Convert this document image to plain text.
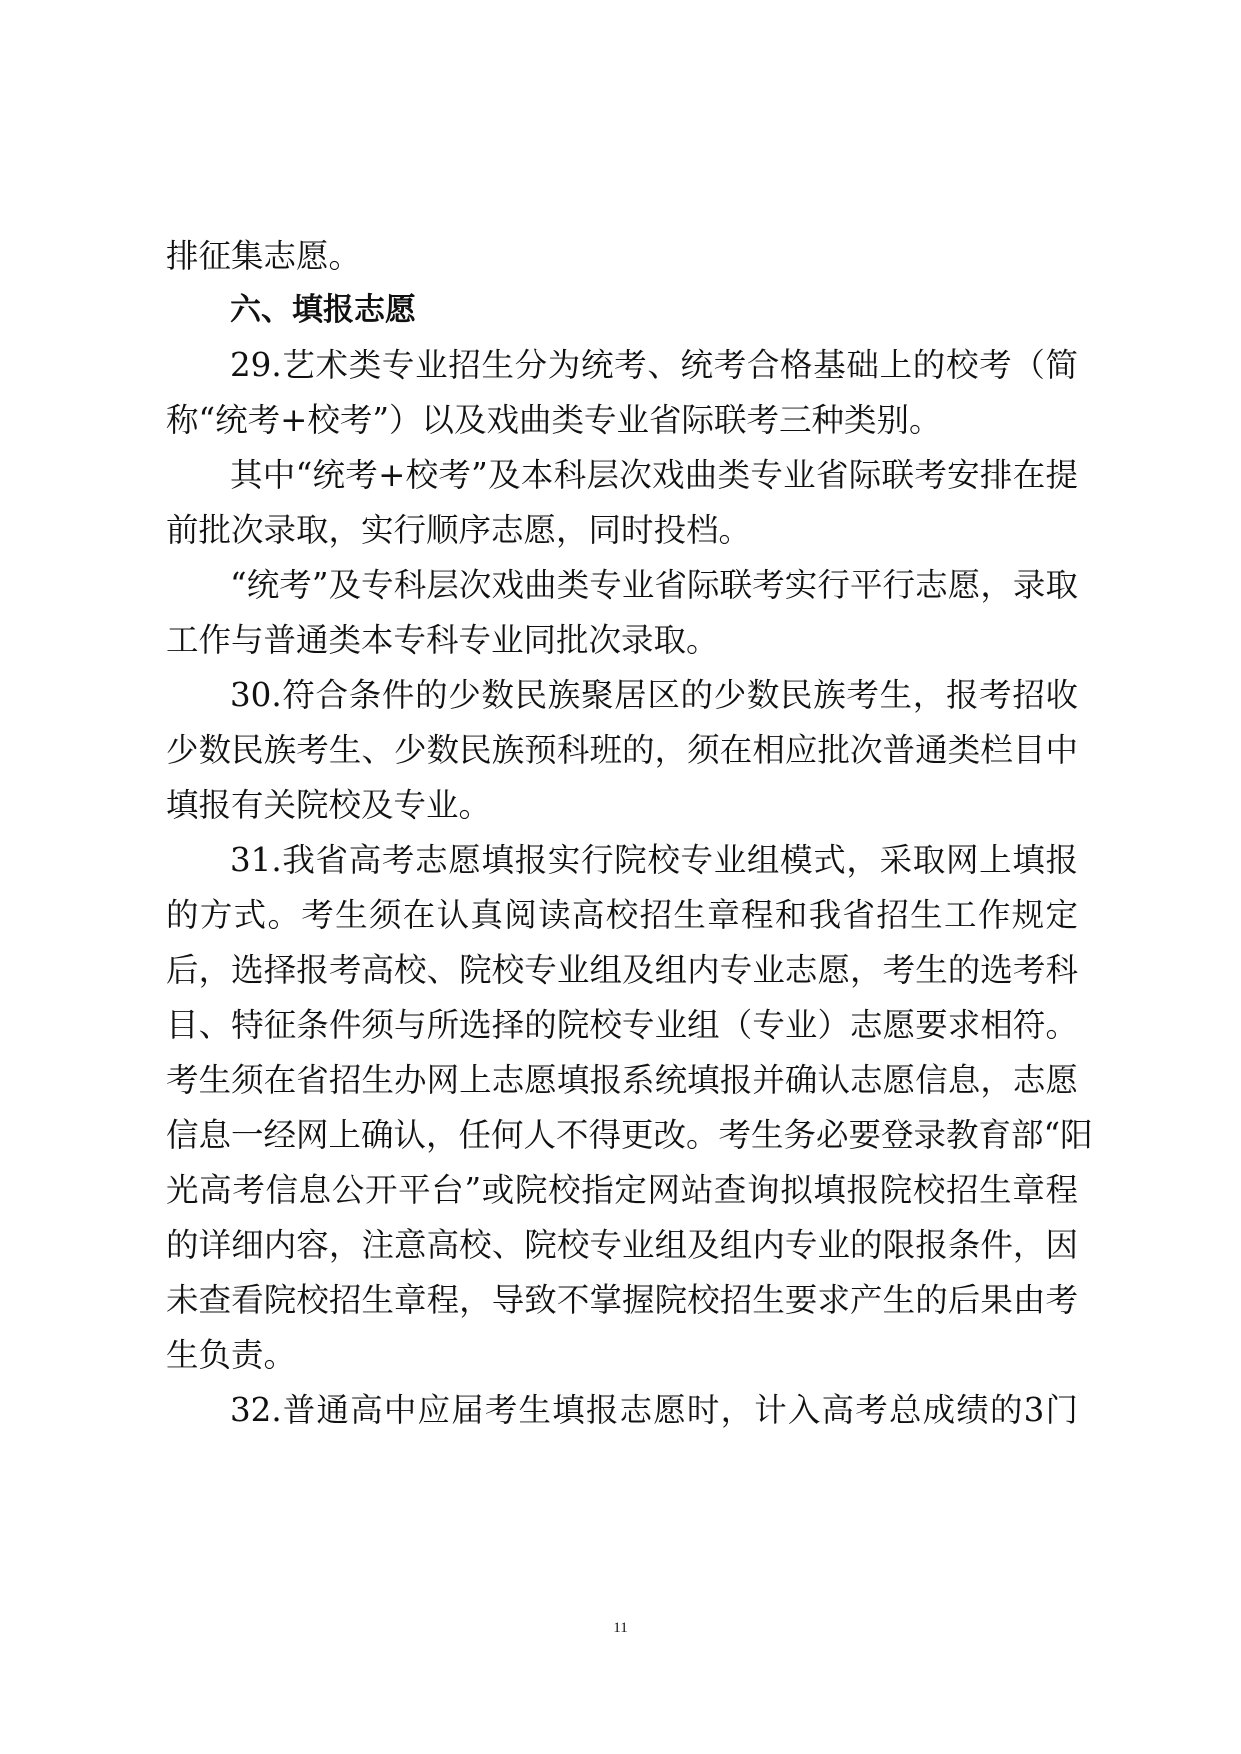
排征集志愿。
六、填报志愿
29.艺术类专业招生分为统考、统考合格基础上的校考（简
称“统考+校考”）以及戏曲类专业省际联考三种类别。
其中“统考+校考”及本科层次戏曲类专业省际联考安排在提
前批次录取，实行顺序志愿，同时投档。
“统考”及专科层次戏曲类专业省际联考实行平行志愿，录取
工作与普通类本专科专业同批次录取。
30.符合条件的少数民族聚居区的少数民族考生，报考招收
少数民族考生、少数民族预科班的，须在相应批次普通类栏目中
填报有关院校及专业。
31.我省高考志愿填报实行院校专业组模式，采取网上填报
的方式。考生须在认真阅读高校招生章程和我省招生工作规定
后，选择报考高校、院校专业组及组内专业志愿，考生的选考科
目、特征条件须与所选择的院校专业组（专业）志愿要求相符。
考生须在省招生办网上志愿填报系统填报并确认志愿信息，志愿
信息一经网上确认，任何人不得更改。考生务必要登录教育部“阳
光高考信息公开平台”或院校指定网站查询拟填报院校招生章程
的详细内容，注意高校、院校专业组及组内专业的限报条件，因
未查看院校招生章程，导致不掌握院校招生要求产生的后果由考
生负责。
32.普通高中应届考生填报志愿时，计入高考总成绩的3门
11
